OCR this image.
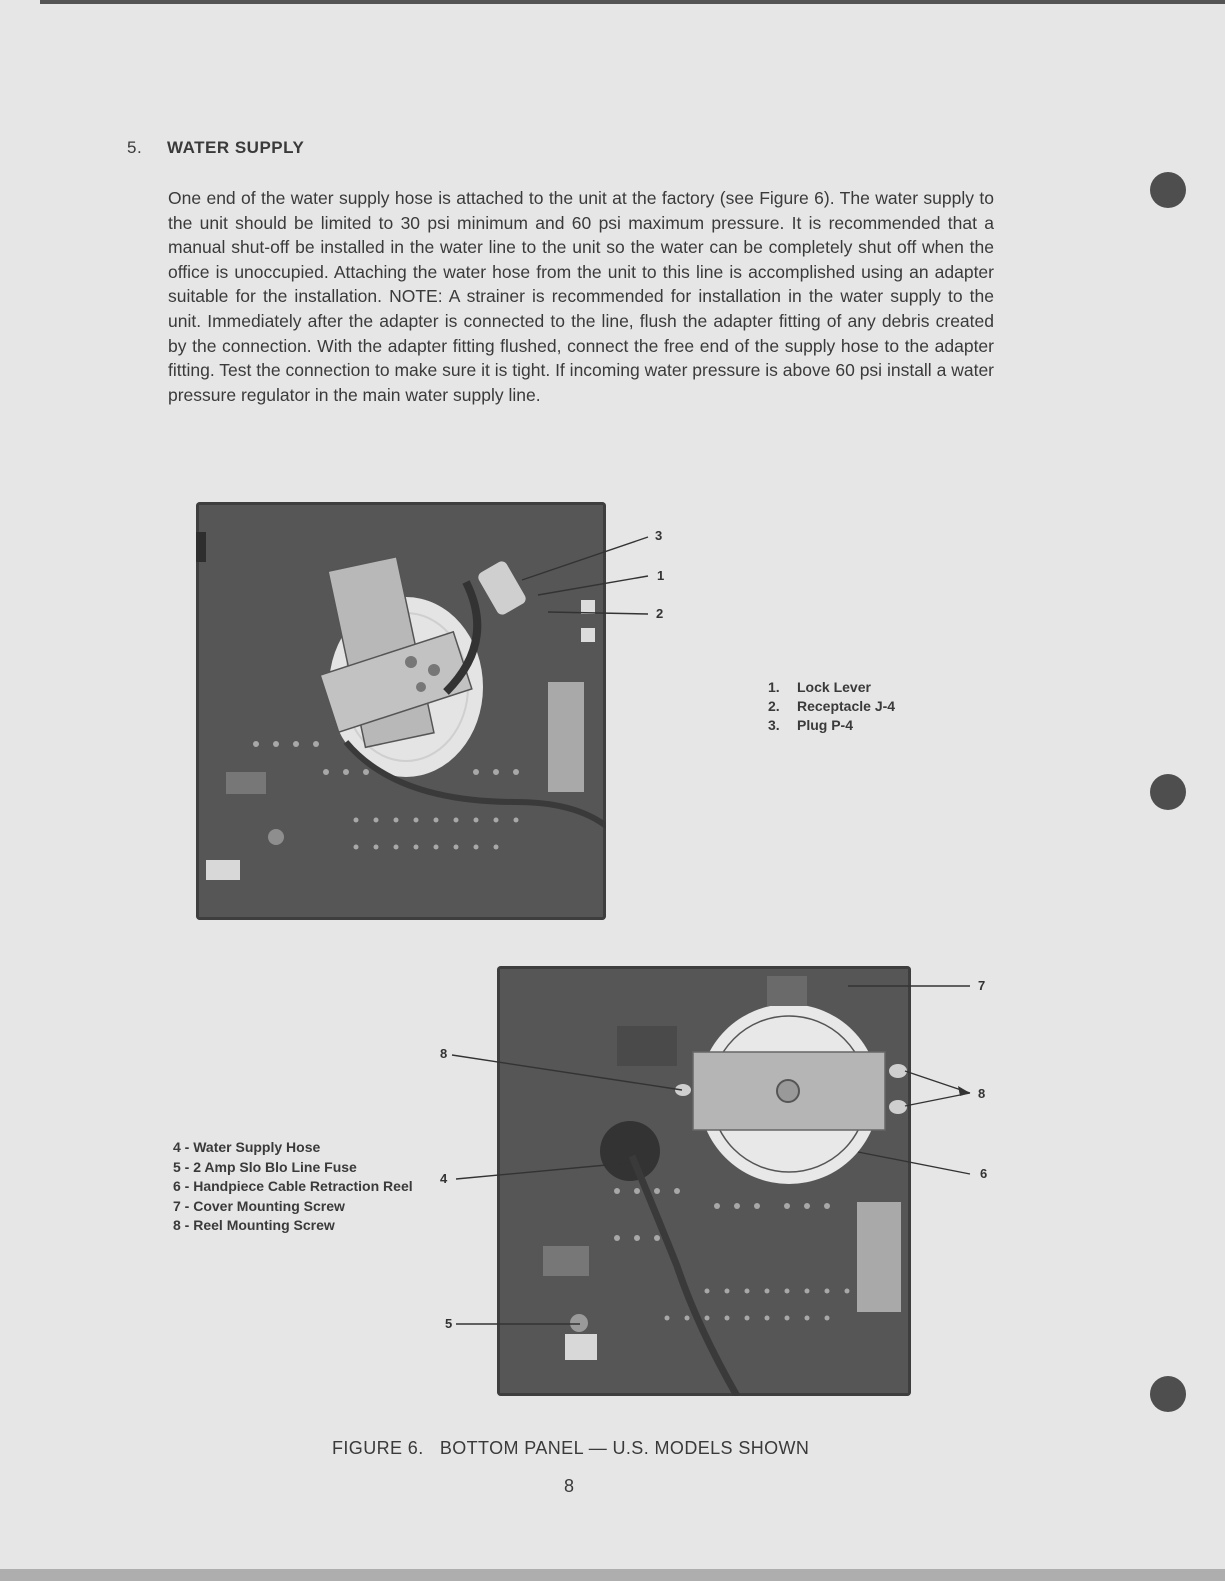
5. WATER SUPPLY

One end of the water supply hose is attached to the unit at the factory (see Figure 6). The water supply to the unit should be limited to 30 psi minimum and 60 psi maximum pressure. It is recommended that a manual shut-off be installed in the water line to the unit so the water can be completely shut off when the office is unoccupied. Attaching the water hose from the unit to this line is accomplished using an adapter suitable for the installation. NOTE: A strainer is recommended for installation in the water supply to the unit. Immediately after the adapter is connected to the line, flush the adapter fitting of any debris created by the connection. With the adapter fitting flushed, connect the free end of the supply hose to the adapter fitting. Test the connection to make sure it is tight. If incoming water pressure is above 60 psi install a water pressure regulator in the main water supply line.

3
1
2
7
8
8
4	6
5
1. Lock Lever
2. Receptacle J-4
3. Plug P-4
4 - Water Supply Hose
5 - 2 Amp Slo Blo Line Fuse
6 - Handpiece Cable Retraction Reel
7 - Cover Mounting Screw
8 - Reel Mounting Screw
FIGURE 6.   BOTTOM PANEL — U.S. MODELS SHOWN
8
